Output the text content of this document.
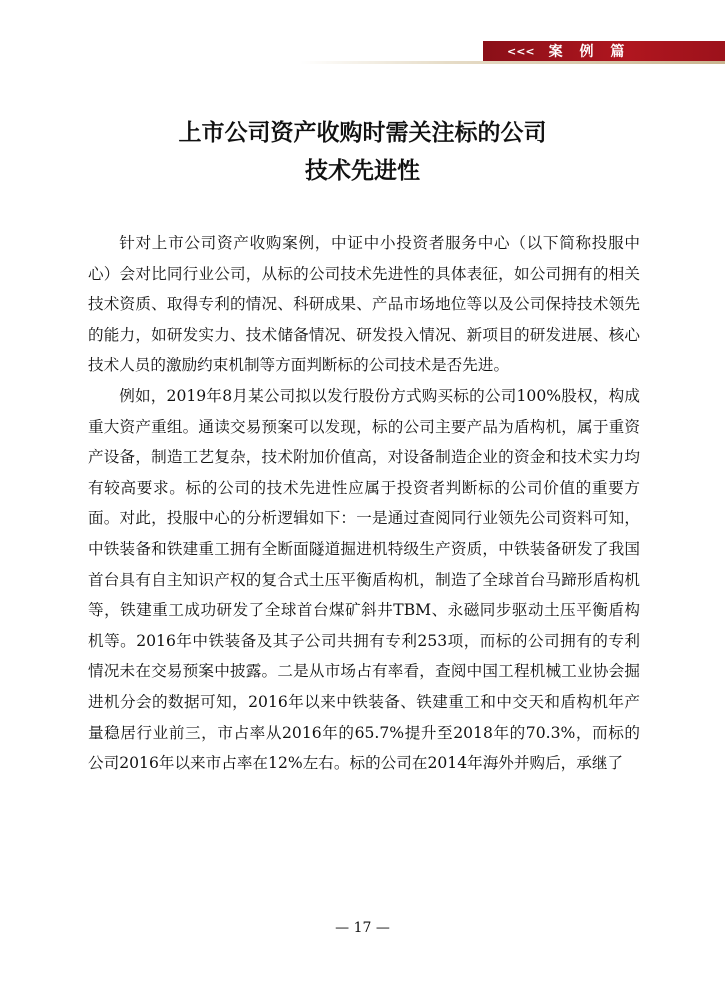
<<< 案 例 篇
上市公司资产收购时需关注标的公司
技术先进性

针对上市公司资产收购案例，中证中小投资者服务中心（以下简称投服中心）会对比同行业公司，从标的公司技术先进性的具体表征，如公司拥有的相关技术资质、取得专利的情况、科研成果、产品市场地位等以及公司保持技术领先的能力，如研发实力、技术储备情况、研发投入情况、新项目的研发进展、核心技术人员的激励约束机制等方面判断标的公司技术是否先进。

例如，2019年8月某公司拟以发行股份方式购买标的公司100%股权，构成重大资产重组。通读交易预案可以发现，标的公司主要产品为盾构机，属于重资产设备，制造工艺复杂，技术附加价值高，对设备制造企业的资金和技术实力均有较高要求。标的公司的技术先进性应属于投资者判断标的公司价值的重要方面。对此，投服中心的分析逻辑如下：一是通过查阅同行业领先公司资料可知，中铁装备和铁建重工拥有全断面隧道掘进机特级生产资质，中铁装备研发了我国首台具有自主知识产权的复合式土压平衡盾构机，制造了全球首台马蹄形盾构机等，铁建重工成功研发了全球首台煤矿斜井TBM、永磁同步驱动土压平衡盾构机等。2016年中铁装备及其子公司共拥有专利253项，而标的公司拥有的专利情况未在交易预案中披露。二是从市场占有率看，查阅中国工程机械工业协会掘进机分会的数据可知，2016年以来中铁装备、铁建重工和中交天和盾构机年产量稳居行业前三，市占率从2016年的65.7%提升至2018年的70.3%，而标的公司2016年以来市占率在12%左右。标的公司在2014年海外并购后，承继了

— 17 —
